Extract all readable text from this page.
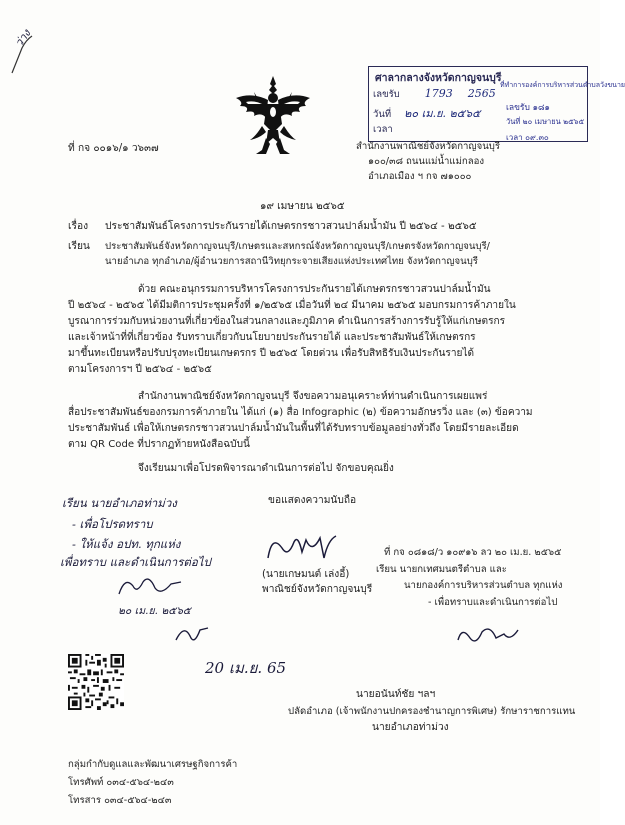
ว่าง
ศาลากลางจังหวัดกาญจนบุรี
เลขรับ 1793 2565
วันที่ ๒๐ เม.ย. ๒๕๖๕
เวลา
ที่ทำการองค์การบริหารส่วนตำบลวังขนาย
เลขรับ ๑๘๑
วันที่ ๒๐ เมษายน ๒๕๖๕
เวลา ๐๙.๓๐
ที่ กจ ๐๐๑๖/๑ ว๖๓๗	สำนักงานพาณิชย์จังหวัดกาญจนบุรี
๑๐๐/๓๘ ถนนแม่น้ำแม่กลอง
อำเภอเมือง ฯ กจ ๗๑๐๐๐
๑๙ เมษายน ๒๕๖๕
เรื่อง ประชาสัมพันธ์โครงการประกันรายได้เกษตรกรชาวสวนปาล์มน้ำมัน ปี ๒๕๖๔ - ๒๕๖๕
เรียน ประชาสัมพันธ์จังหวัดกาญจนบุรี/เกษตรและสหกรณ์จังหวัดกาญจนบุรี/เกษตรจังหวัดกาญจนบุรี/
นายอำเภอ ทุกอำเภอ/ผู้อำนวยการสถานีวิทยุกระจายเสียงแห่งประเทศไทย จังหวัดกาญจนบุรี
ด้วย คณะอนุกรรมการบริหารโครงการประกันรายได้เกษตรกรชาวสวนปาล์มน้ำมัน
ปี ๒๕๖๔ - ๒๕๖๕ ได้มีมติการประชุมครั้งที่ ๑/๒๕๖๕ เมื่อวันที่ ๒๔ มีนาคม ๒๕๖๕ มอบกรมการค้าภายใน
บูรณาการร่วมกับหน่วยงานที่เกี่ยวข้องในส่วนกลางและภูมิภาค ดำเนินการสร้างการรับรู้ให้แก่เกษตรกร
และเจ้าหน้าที่ที่เกี่ยวข้อง รับทราบเกี่ยวกับนโยบายประกันรายได้ และประชาสัมพันธ์ให้เกษตรกร
มาขึ้นทะเบียนหรือปรับปรุงทะเบียนเกษตรกร ปี ๒๕๖๕ โดยด่วน เพื่อรับสิทธิรับเงินประกันรายได้
ตามโครงการฯ ปี ๒๕๖๔ - ๒๕๖๕
สำนักงานพาณิชย์จังหวัดกาญจนบุรี จึงขอความอนุเคราะห์ท่านดำเนินการเผยแพร่
สื่อประชาสัมพันธ์ของกรมการค้าภายใน ได้แก่ (๑) สื่อ Infographic (๒) ข้อความอักษรวิ่ง และ (๓) ข้อความ
ประชาสัมพันธ์ เพื่อให้เกษตรกรชาวสวนปาล์มน้ำมันในพื้นที่ได้รับทราบข้อมูลอย่างทั่วถึง โดยมีรายละเอียด
ตาม QR Code ที่ปรากฏท้ายหนังสือฉบับนี้
จึงเรียนมาเพื่อโปรดพิจารณาดำเนินการต่อไป จักขอบคุณยิ่ง
ขอแสดงความนับถือ
เรียน นายอำเภอท่าม่วง
- เพื่อโปรดทราบ
- ให้แจ้ง อปท. ทุกแห่ง
เพื่อทราบ และดำเนินการต่อไป
๒๐ เม.ย. ๒๕๖๕
20 เม.ย. 65
(นายเกษมนต์ เล่งอี้)
พาณิชย์จังหวัดกาญจนบุรี
ที่ กจ ๐๘๑๘/ว ๑๐๙๑๖ ลว ๒๐ เม.ย. ๒๕๖๕
เรียน นายกเทศมนตรีตำบล และ
นายกองค์การบริหารส่วนตำบล ทุกแห่ง
- เพื่อทราบและดำเนินการต่อไป
นายอนันท์ชัย ฯลฯ
ปลัดอำเภอ (เจ้าพนักงานปกครองชำนาญการพิเศษ) รักษาราชการแทน
นายอำเภอท่าม่วง
กลุ่มกำกับดูแลและพัฒนาเศรษฐกิจการค้า
โทรศัพท์ ๐๓๔-๕๖๔-๒๔๓
โทรสาร ๐๓๔-๕๖๔-๒๔๓
